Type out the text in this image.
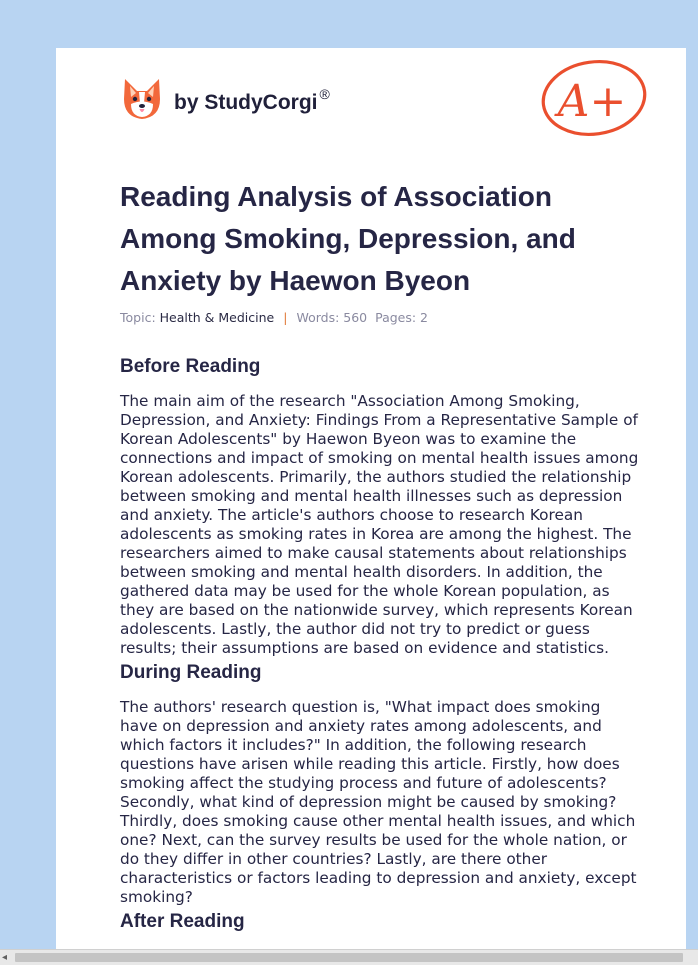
by StudyCorgi ®	A+
Reading Analysis of Association Among Smoking, Depression, and Anxiety by Haewon Byeon
Topic: Health & Medicine | Words: 560 Pages: 2
Before Reading

The main aim of the research "Association Among Smoking, Depression, and Anxiety: Findings From a Representative Sample of Korean Adolescents" by Haewon Byeon was to examine the connections and impact of smoking on mental health issues among Korean adolescents. Primarily, the authors studied the relationship between smoking and mental health illnesses such as depression and anxiety. The article's authors choose to research Korean adolescents as smoking rates in Korea are among the highest. The researchers aimed to make causal statements about relationships between smoking and mental health disorders. In addition, the gathered data may be used for the whole Korean population, as they are based on the nationwide survey, which represents Korean adolescents. Lastly, the author did not try to predict or guess results; their assumptions are based on evidence and statistics.

During Reading

The authors' research question is, "What impact does smoking have on depression and anxiety rates among adolescents, and which factors it includes?" In addition, the following research questions have arisen while reading this article. Firstly, how does smoking affect the studying process and future of adolescents? Secondly, what kind of depression might be caused by smoking? Thirdly, does smoking cause other mental health issues, and which one? Next, can the survey results be used for the whole nation, or do they differ in other countries? Lastly, are there other characteristics or factors leading to depression and anxiety, except smoking?

After Reading
◂
